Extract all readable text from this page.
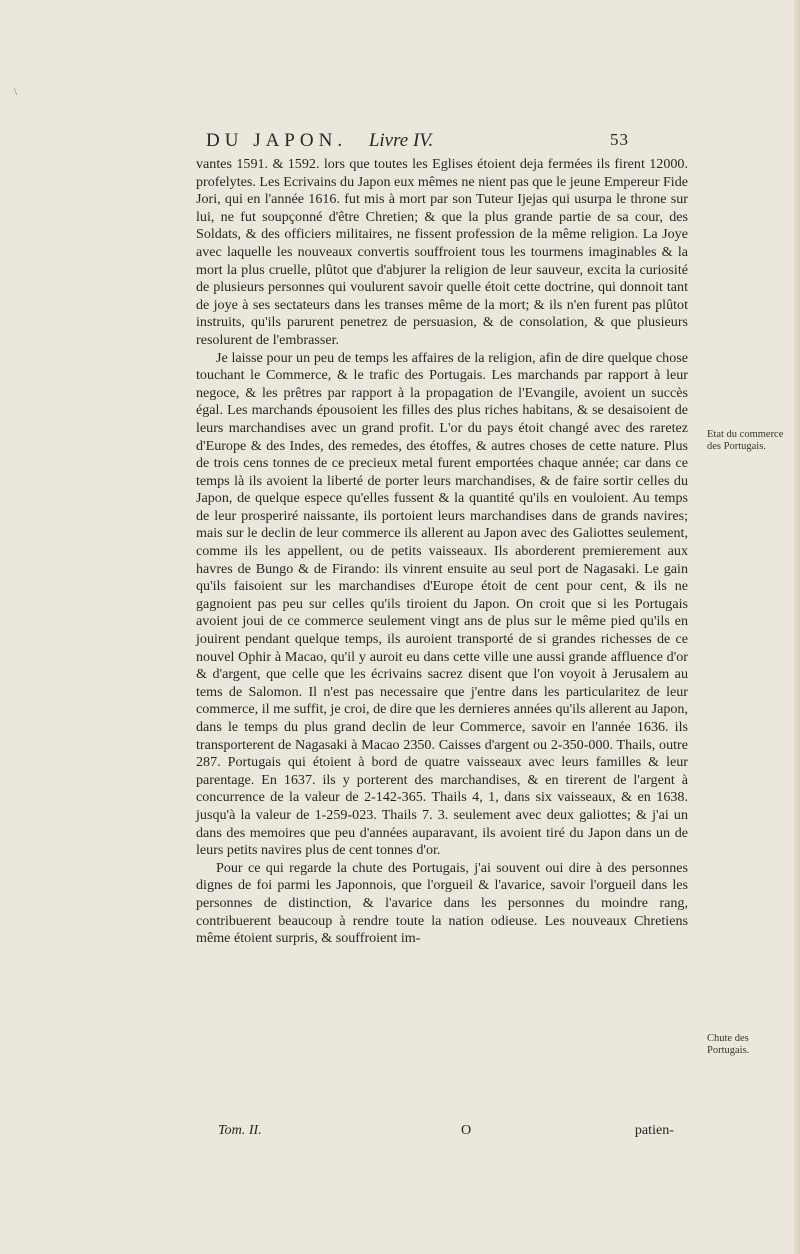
\
DU JAPON. Livre IV.	53

vantes 1591. & 1592. lors que toutes les Eglises étoient deja fermées ils firent 12000. profelytes. Les Ecrivains du Japon eux mêmes ne nient pas que le jeune Empereur Fide Jori, qui en l'année 1616. fut mis à mort par son Tuteur Ijejas qui usurpa le throne sur lui, ne fut soupçonné d'être Chretien; & que la plus grande partie de sa cour, des Soldats, & des officiers militaires, ne fissent profession de la même religion. La Joye avec laquelle les nouveaux convertis souffroient tous les tourmens imaginables & la mort la plus cruelle, plûtot que d'abjurer la religion de leur sauveur, excita la curiosité de plusieurs personnes qui voulurent savoir quelle étoit cette doctrine, qui donnoit tant de joye à ses sectateurs dans les transes même de la mort; & ils n'en furent pas plûtot instruits, qu'ils parurent penetrez de persuasion, & de consolation, & que plusieurs resolurent de l'embrasser.

Je laisse pour un peu de temps les affaires de la religion, afin de dire quelque chose touchant le Commerce, & le trafic des Portugais. Les marchands par rapport à leur negoce, & les prêtres par rapport à la propagation de l'Evangile, avoient un succès égal. Les marchands épousoient les filles des plus riches habitans, & se desaisoient de leurs marchandises avec un grand profit. L'or du pays étoit changé avec des raretez d'Europe & des Indes, des remedes, des étoffes, & autres choses de cette nature. Plus de trois cens tonnes de ce precieux metal furent emportées chaque année; car dans ce temps là ils avoient la liberté de porter leurs marchandises, & de faire sortir celles du Japon, de quelque espece qu'elles fussent & la quantité qu'ils en vouloient. Au temps de leur prosperiré naissante, ils portoient leurs marchandises dans de grands navires; mais sur le declin de leur commerce ils allerent au Japon avec des Galiottes seulement, comme ils les appellent, ou de petits vaisseaux. Ils aborderent premierement aux havres de Bungo & de Firando: ils vinrent ensuite au seul port de Nagasaki. Le gain qu'ils faisoient sur les marchandises d'Europe étoit de cent pour cent, & ils ne gagnoient pas peu sur celles qu'ils tiroient du Japon. On croit que si les Portugais avoient joui de ce commerce seulement vingt ans de plus sur le même pied qu'ils en jouirent pendant quelque temps, ils auroient transporté de si grandes richesses de ce nouvel Ophir à Macao, qu'il y auroit eu dans cette ville une aussi grande affluence d'or & d'argent, que celle que les écrivains sacrez disent que l'on voyoit à Jerusalem au tems de Salomon. Il n'est pas necessaire que j'entre dans les particularitez de leur commerce, il me suffit, je croi, de dire que les dernieres années qu'ils allerent au Japon, dans le temps du plus grand declin de leur Commerce, savoir en l'année 1636. ils transporterent de Nagasaki à Macao 2350. Caisses d'argent ou 2-350-000. Thails, outre 287. Portugais qui étoient à bord de quatre vaisseaux avec leurs familles & leur parentage. En 1637. ils y porterent des marchandises, & en tirerent de l'argent à concurrence de la valeur de 2-142-365. Thails 4, 1, dans six vaisseaux, & en 1638. jusqu'à la valeur de 1-259-023. Thails 7. 3. seulement avec deux galiottes; & j'ai un dans des memoires que peu d'années auparavant, ils avoient tiré du Japon dans un de leurs petits navires plus de cent tonnes d'or.

Pour ce qui regarde la chute des Portugais, j'ai souvent oui dire à des personnes dignes de foi parmi les Japonnois, que l'orgueil & l'avarice, savoir l'orgueil dans les personnes de distinction, & l'avarice dans les personnes du moindre rang, contribuerent beaucoup à rendre toute la nation odieuse. Les nouveaux Chretiens même étoient surpris, & souffroient im-

Etat du commerce des Portugais.
Chute des Portugais.
Tom. II.	O	patien-
